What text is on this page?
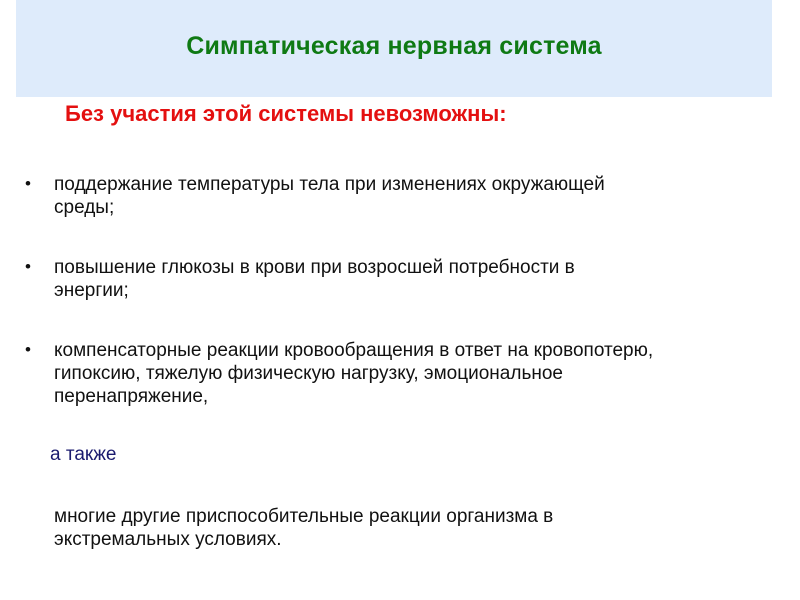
Симпатическая нервная система
Без участия этой системы невозможны:
• поддержание температуры тела при изменениях окружающей
среды;
• повышение глюкозы в крови при возросшей потребности в
энергии;
• компенсаторные реакции кровообращения в ответ на кровопотерю,
гипоксию, тяжелую физическую нагрузку, эмоциональное
перенапряжение,
а также
многие другие приспособительные реакции организма в
экстремальных условиях.
